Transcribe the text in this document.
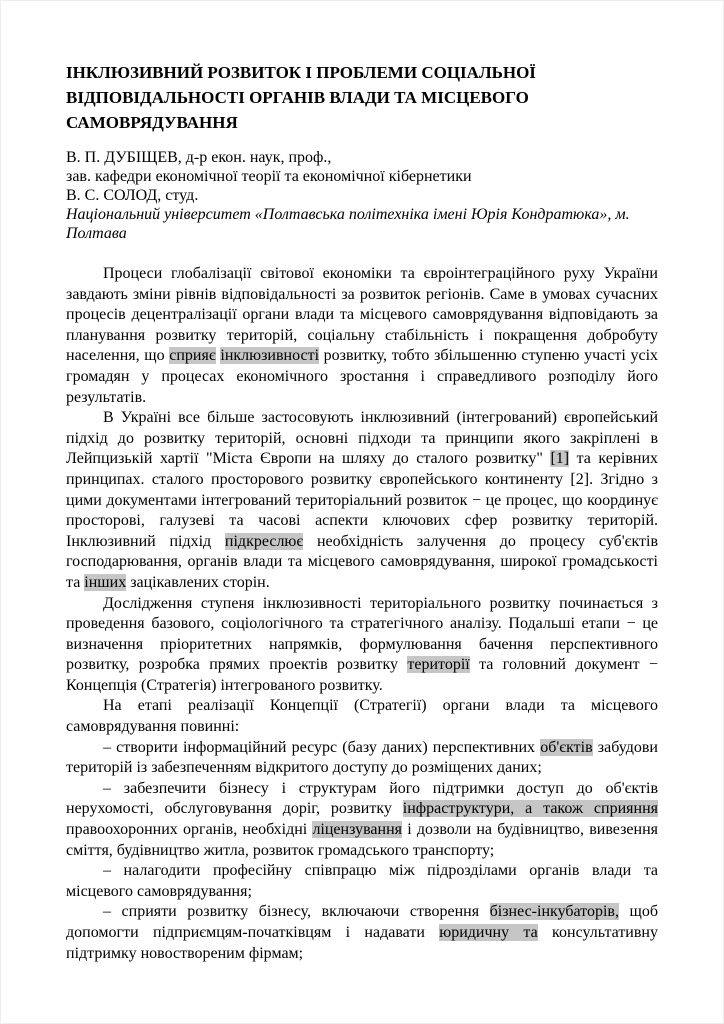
ІНКЛЮЗИВНИЙ РОЗВИТОК І ПРОБЛЕМИ СОЦІАЛЬНОЇ ВІДПОВІДАЛЬНОСТІ ОРГАНІВ ВЛАДИ ТА МІСЦЕВОГО САМОВРЯДУВАННЯ
В. П. ДУБІЩЕВ, д-р екон. наук, проф.,
зав. кафедри економічної теорії та економічної кібернетики
В. С. СОЛОД, студ.
Національний університет «Полтавська політехніка імені Юрія Кондратюка», м. Полтава

Процеси глобалізації світової економіки та євроінтеграційного руху України завдають зміни рівнів відповідальності за розвиток регіонів. Саме в умовах сучасних процесів децентралізації органи влади та місцевого самоврядування відповідають за планування розвитку територій, соціальну стабільність і покращення добробуту населення, що сприяє інклюзивності розвитку, тобто збільшенню ступеню участі усіх громадян у процесах економічного зростання і справедливого розподілу його результатів.

В Україні все більше застосовують інклюзивний (інтегрований) європейський підхід до розвитку територій, основні підходи та принципи якого закріплені в Лейпцизькій хартії "Міста Європи на шляху до сталого розвитку" [1] та керівних принципах. сталого просторового розвитку європейського континенту [2]. Згідно з цими документами інтегрований територіальний розвиток − це процес, що координує просторові, галузеві та часові аспекти ключових сфер розвитку територій. Інклюзивний підхід підкреслює необхідність залучення до процесу суб'єктів господарювання, органів влади та місцевого самоврядування, широкої громадськості та інших зацікавлених сторін.

Дослідження ступеня інклюзивності територіального розвитку починається з проведення базового, соціологічного та стратегічного аналізу. Подальші етапи − це визначення пріоритетних напрямків, формулювання бачення перспективного розвитку, розробка прямих проектів розвитку території та головний документ − Концепція (Стратегія) інтегрованого розвитку.

На етапі реалізації Концепції (Стратегії) органи влади та місцевого самоврядування повинні:

– створити інформаційний ресурс (базу даних) перспективних об'єктів забудови територій із забезпеченням відкритого доступу до розміщених даних;

– забезпечити бізнесу і структурам його підтримки доступ до об'єктів нерухомості, обслуговування доріг, розвитку інфраструктури, а також сприяння правоохоронних органів, необхідні ліцензування і дозволи на будівництво, вивезення сміття, будівництво житла, розвиток громадського транспорту;

– налагодити професійну співпрацю між підрозділами органів влади та місцевого самоврядування;

– сприяти розвитку бізнесу, включаючи створення бізнес-інкубаторів, щоб допомогти підприємцям-початківцям і надавати юридичну та консультативну підтримку новоствореним фірмам;
